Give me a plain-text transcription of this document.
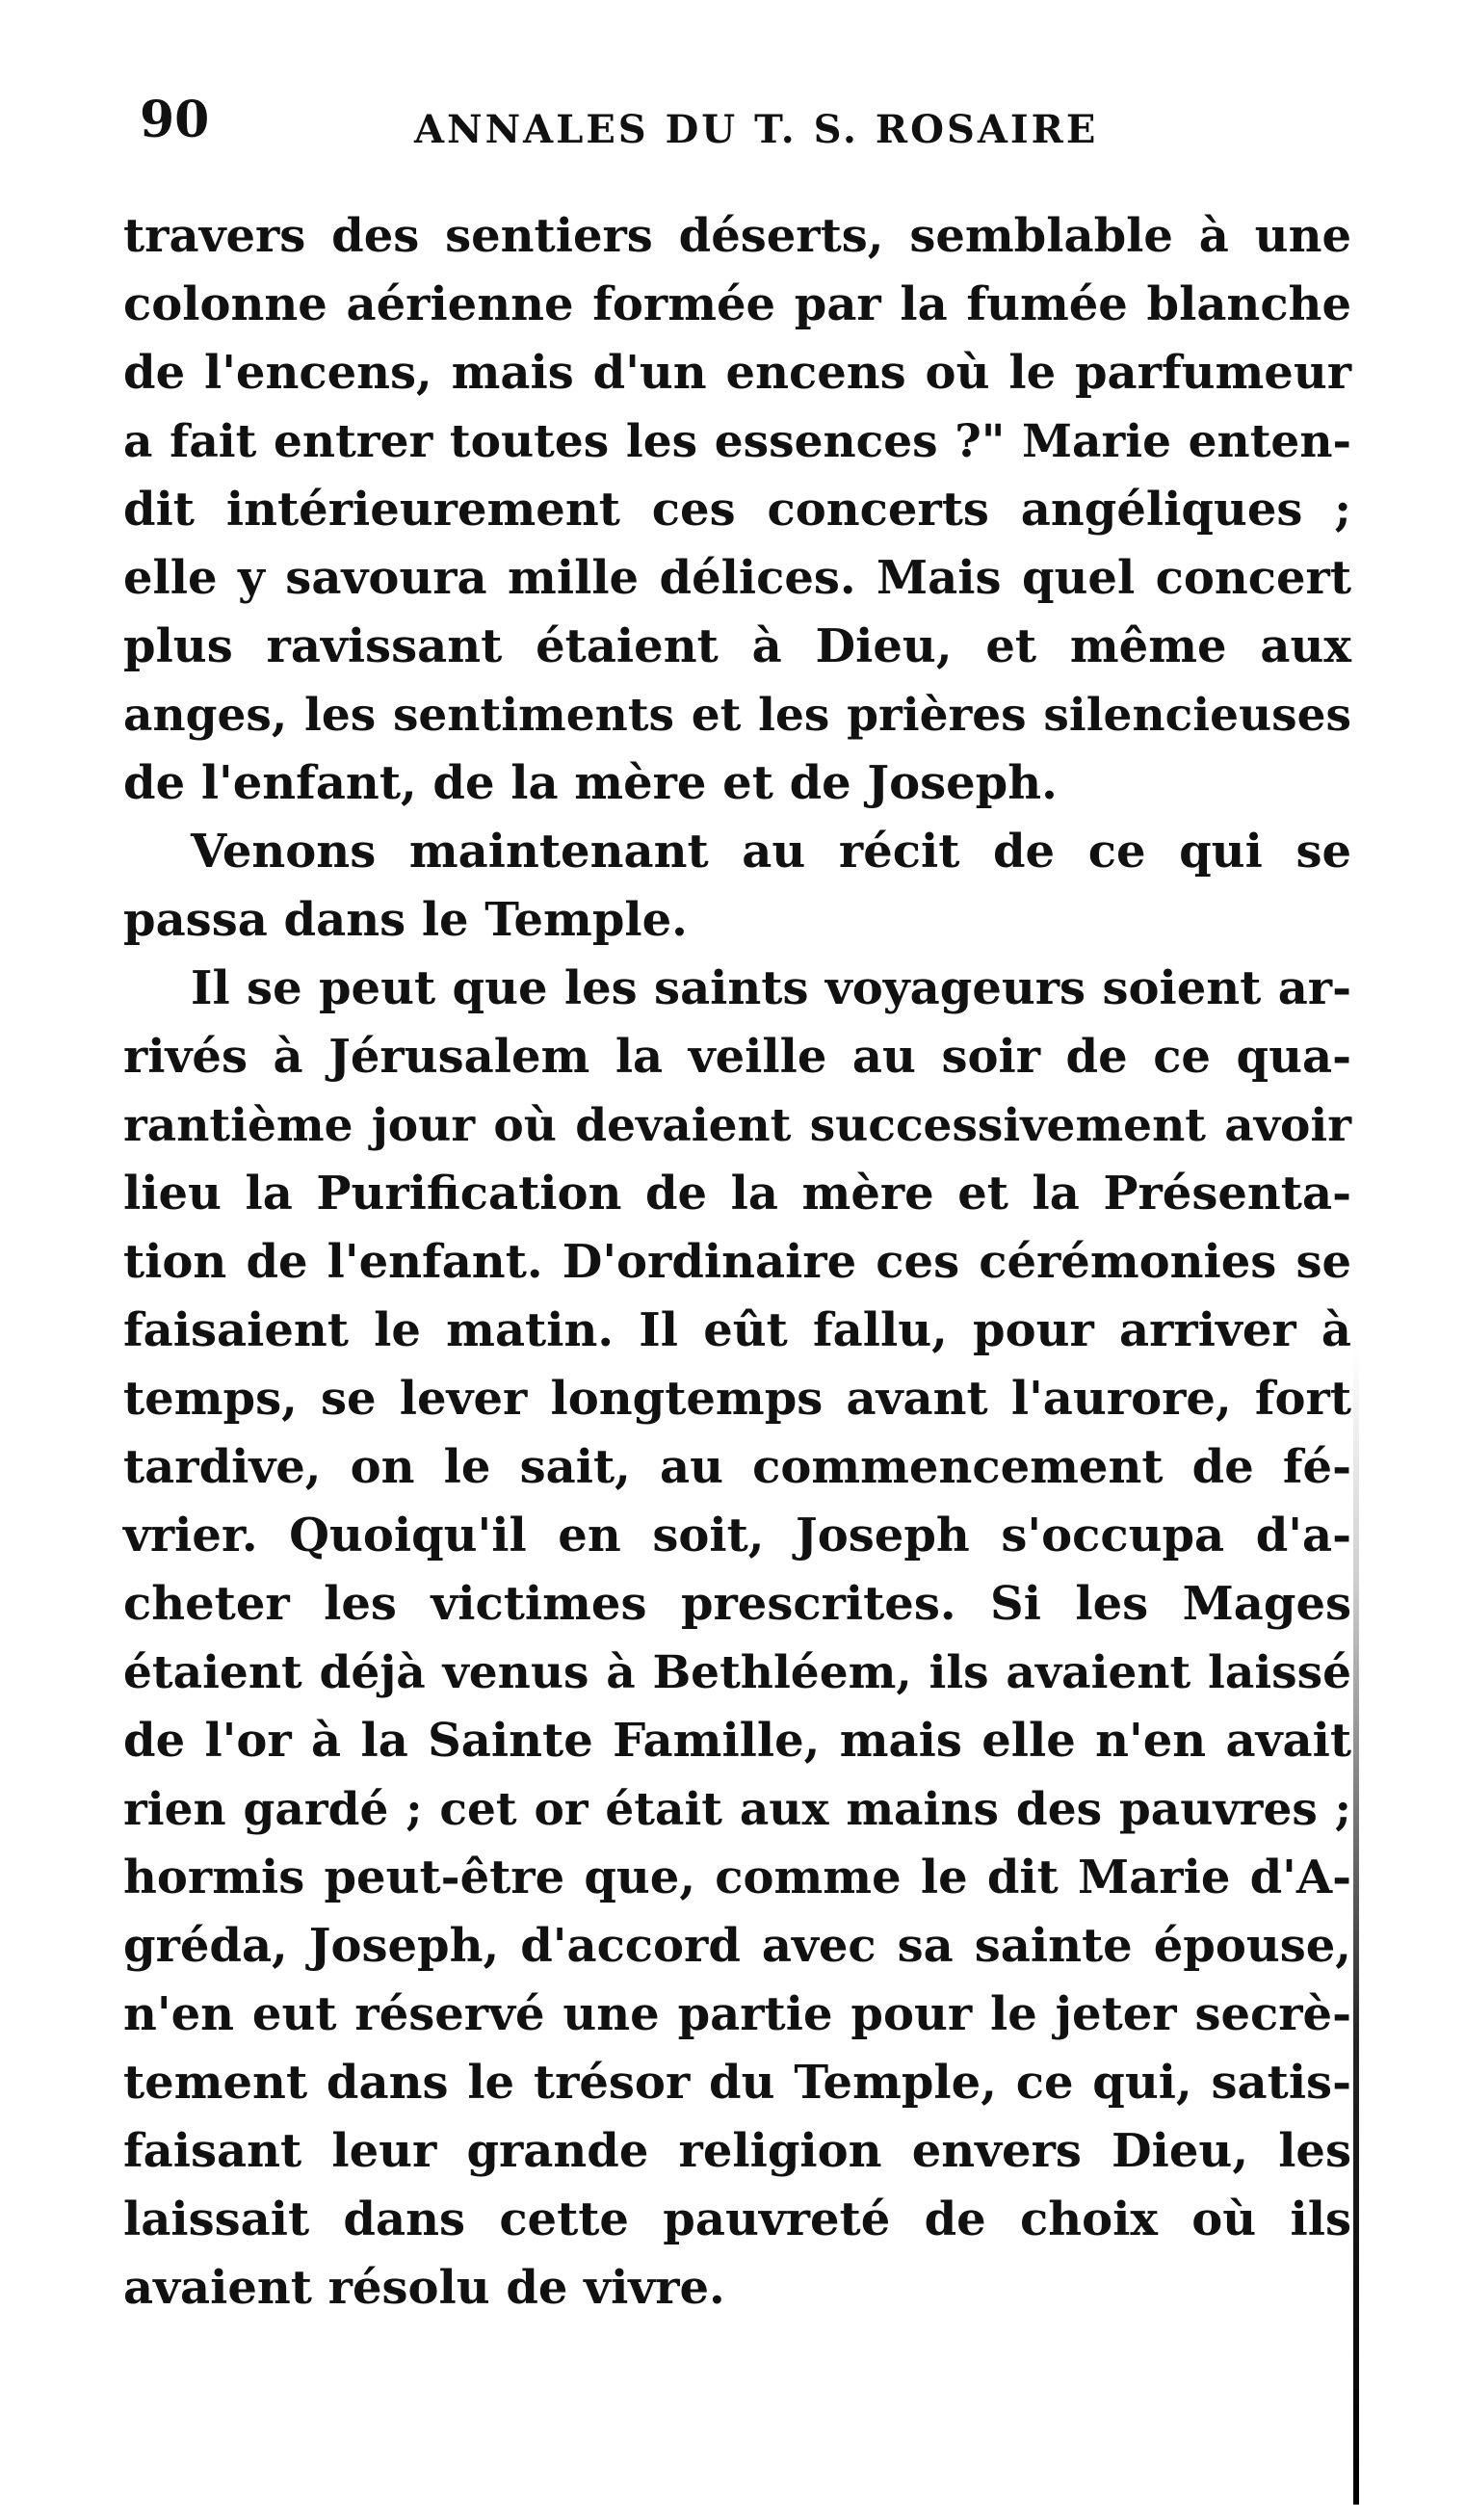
90	ANNALES DU T. S. ROSAIRE
travers des sentiers déserts, semblable à une
colonne aérienne formée par la fumée blanche
de l'encens, mais d'un encens où le parfumeur
a fait entrer toutes les essences ?" Marie enten-
dit intérieurement ces concerts angéliques ;
elle y savoura mille délices. Mais quel concert
plus ravissant étaient à Dieu, et même aux
anges, les sentiments et les prières silencieuses
de l'enfant, de la mère et de Joseph.
Venons maintenant au récit de ce qui se
passa dans le Temple.
Il se peut que les saints voyageurs soient ar-
rivés à Jérusalem la veille au soir de ce qua-
rantième jour où devaient successivement avoir
lieu la Purification de la mère et la Présenta-
tion de l'enfant. D'ordinaire ces cérémonies se
faisaient le matin. Il eût fallu, pour arriver à
temps, se lever longtemps avant l'aurore, fort
tardive, on le sait, au commencement de fé-
vrier. Quoiqu'il en soit, Joseph s'occupa d'a-
cheter les victimes prescrites. Si les Mages
étaient déjà venus à Bethléem, ils avaient laissé
de l'or à la Sainte Famille, mais elle n'en avait
rien gardé ; cet or était aux mains des pauvres ;
hormis peut-être que, comme le dit Marie d'A-
gréda, Joseph, d'accord avec sa sainte épouse,
n'en eut réservé une partie pour le jeter secrè-
tement dans le trésor du Temple, ce qui, satis-
faisant leur grande religion envers Dieu, les
laissait dans cette pauvreté de choix où ils
avaient résolu de vivre.
